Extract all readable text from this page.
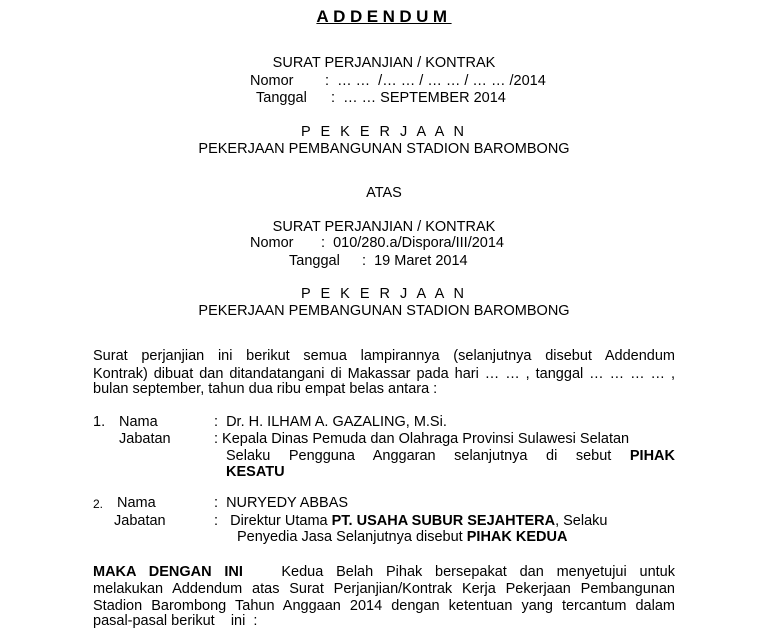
ADDENDUM
SURAT PERJANJIAN / KONTRAK
Nomor :  … …  /… … / … … / … … /2014
Tanggal :  … … SEPTEMBER 2014
P E K E R J A A N
PEKERJAAN PEMBANGUNAN STADION BAROMBONG
ATAS
SURAT PERJANJIAN / KONTRAK
Nomor :  010/280.a/Dispora/III/2014
Tanggal :  19 Maret 2014
P E K E R J A A N
PEKERJAAN PEMBANGUNAN STADION BAROMBONG
Surat perjanjian ini berikut semua lampirannya (selanjutnya disebut Addendum
Kontrak) dibuat dan ditandatangani di Makassar pada hari … … , tanggal … … … … ,
bulan september, tahun dua ribu empat belas antara :
1. Nama	:  Dr. H. ILHAM A. GAZALING, M.Si.
Jabatan	: Kepala Dinas Pemuda dan Olahraga Provinsi Sulawesi Selatan
Selaku Pengguna Anggaran selanjutnya di sebut PIHAK
KESATU
2. Nama	:  NURYEDY ABBAS
Jabatan	:   Direktur Utama PT. USAHA SUBUR SEJAHTERA, Selaku
Penyedia Jasa Selanjutnya disebut PIHAK KEDUA
MAKA DENGAN INI	Kedua Belah Pihak bersepakat dan menyetujui untuk
melakukan Addendum atas Surat Perjanjian/Kontrak Kerja Pekerjaan Pembangunan
Stadion Barombong Tahun Anggaan 2014 dengan ketentuan yang tercantum dalam
pasal-pasal berikut    ini  :
